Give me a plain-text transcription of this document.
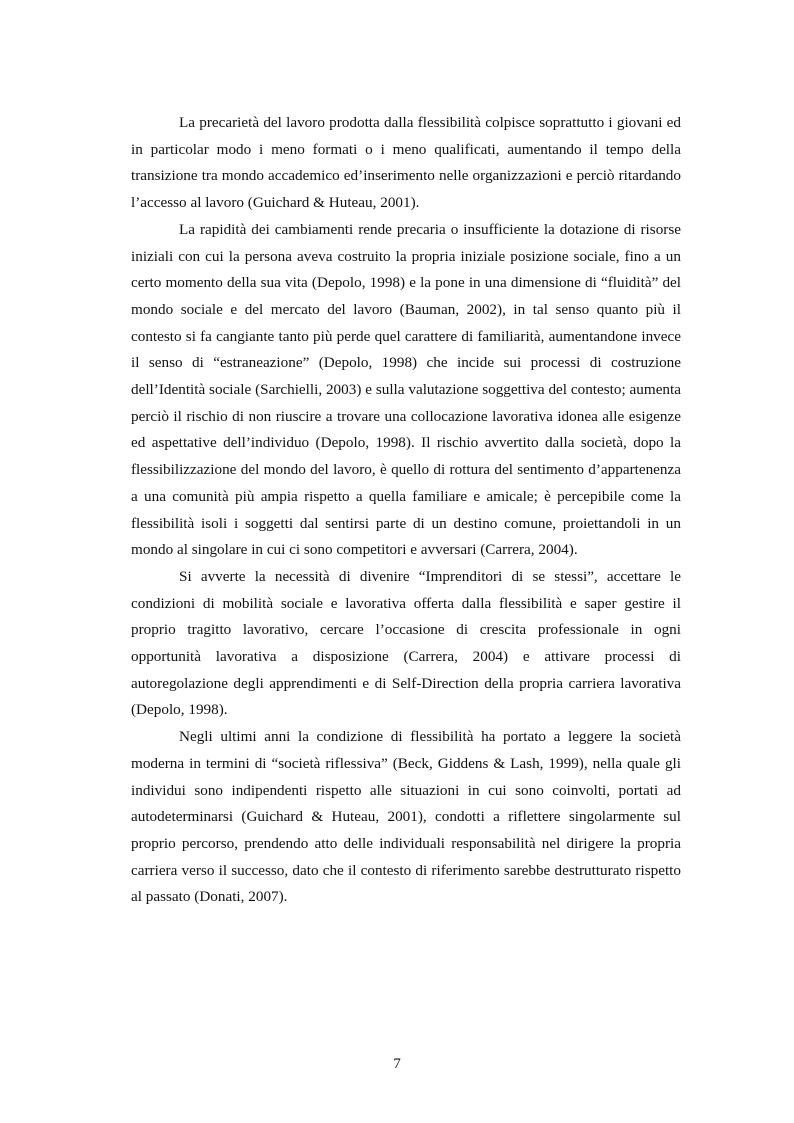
La precarietà del lavoro prodotta dalla flessibilità colpisce soprattutto i giovani ed in particolar modo i meno formati o i meno qualificati, aumentando il tempo della transizione tra mondo accademico ed’inserimento nelle organizzazioni e perciò ritardando l’accesso al lavoro (Guichard & Huteau, 2001).

La rapidità dei cambiamenti rende precaria o insufficiente la dotazione di risorse iniziali con cui la persona aveva costruito la propria iniziale posizione sociale, fino a un certo momento della sua vita (Depolo, 1998) e la pone in una dimensione di “fluidità” del mondo sociale e del mercato del lavoro (Bauman, 2002), in tal senso quanto più il contesto si fa cangiante tanto più perde quel carattere di familiarità, aumentandone invece il senso di “estraneazione” (Depolo, 1998) che incide sui processi di costruzione dell’Identità sociale (Sarchielli, 2003) e sulla valutazione soggettiva del contesto; aumenta perciò il rischio di non riuscire a trovare una collocazione lavorativa idonea alle esigenze ed aspettative dell’individuo (Depolo, 1998). Il rischio avvertito dalla società, dopo la flessibilizzazione del mondo del lavoro, è quello di rottura del sentimento d’appartenenza a una comunità più ampia rispetto a quella familiare e amicale; è percepibile come la flessibilità isoli i soggetti dal sentirsi parte di un destino comune, proiettandoli in un mondo al singolare in cui ci sono competitori e avversari (Carrera, 2004).

Si avverte la necessità di divenire “Imprenditori di se stessi”, accettare le condizioni di mobilità sociale e lavorativa offerta dalla flessibilità e saper gestire il proprio tragitto lavorativo, cercare l’occasione di crescita professionale in ogni opportunità lavorativa a disposizione (Carrera, 2004) e attivare processi di autoregolazione degli apprendimenti e di Self-Direction della propria carriera lavorativa (Depolo, 1998).

Negli ultimi anni la condizione di flessibilità ha portato a leggere la società moderna in termini di “società riflessiva” (Beck, Giddens & Lash, 1999), nella quale gli individui sono indipendenti rispetto alle situazioni in cui sono coinvolti, portati ad autodeterminarsi (Guichard & Huteau, 2001), condotti a riflettere singolarmente sul proprio percorso, prendendo atto delle individuali responsabilità nel dirigere la propria carriera verso il successo, dato che il contesto di riferimento sarebbe destrutturato rispetto al passato (Donati, 2007).

7
